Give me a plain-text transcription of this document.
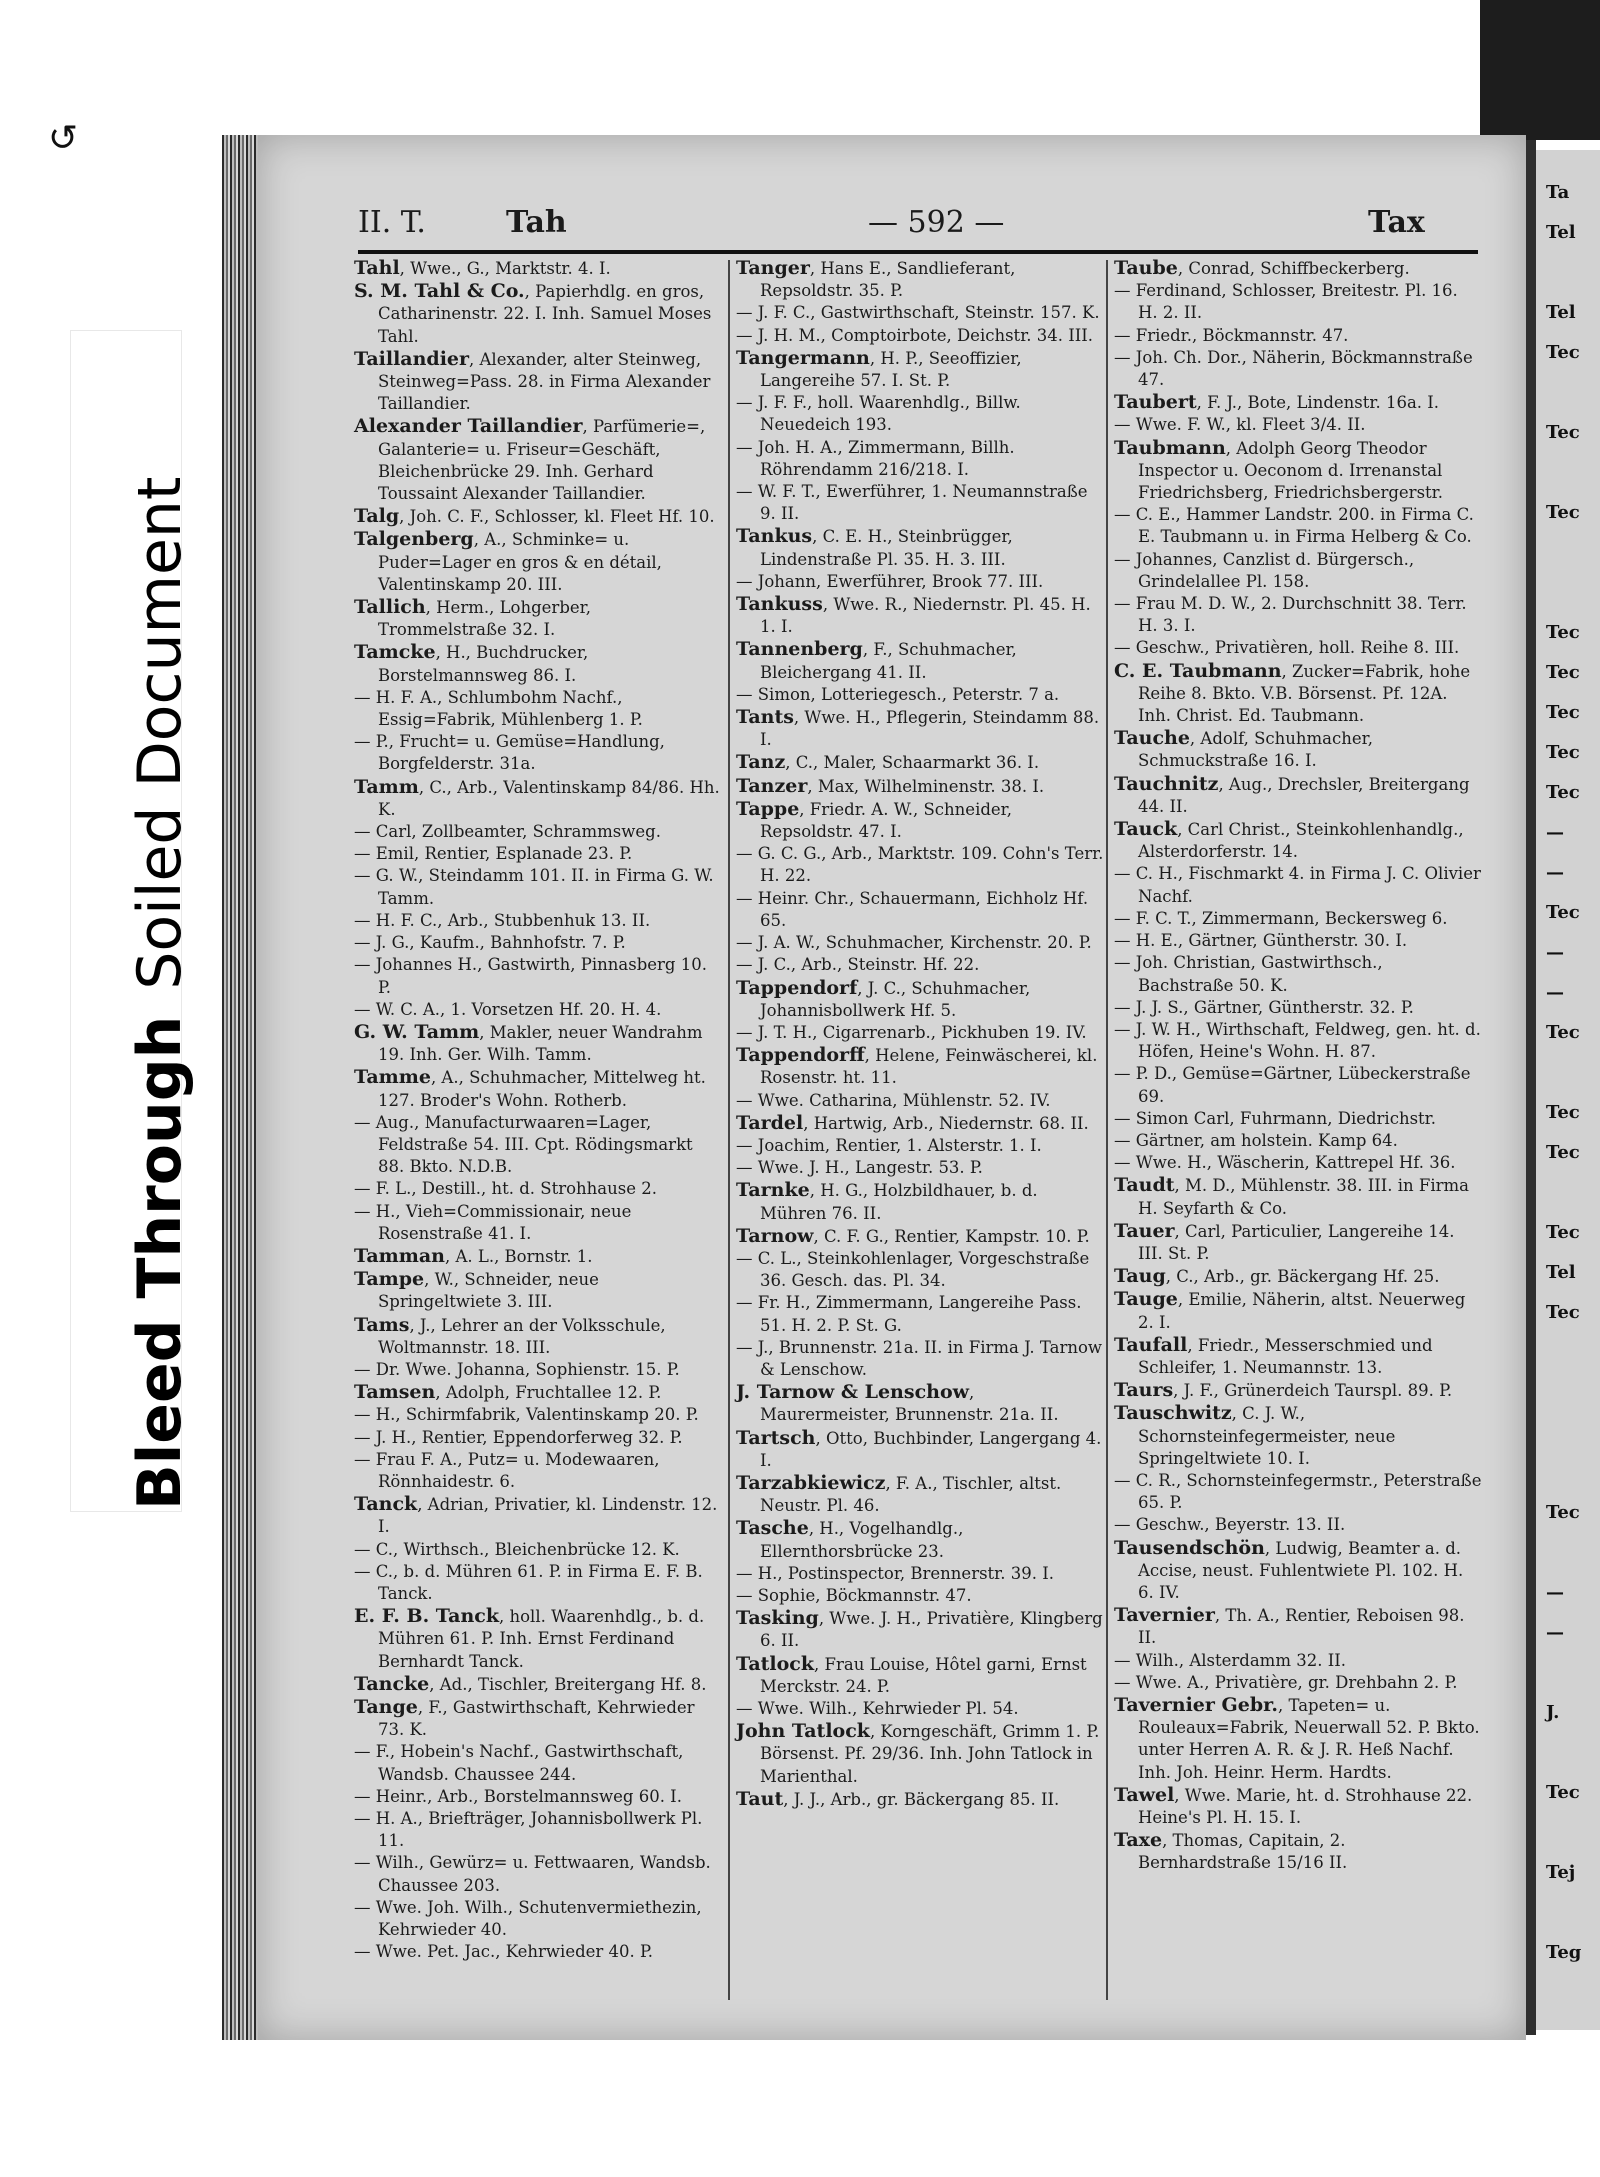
Bleed ThroughSoiled Document
↺
II. T.	Tah	— 592 —	Tax

Tahl, Wwe., G., Marktstr. 4. I.

S. M. Tahl & Co., Papierhdlg. en gros, Catharinenstr. 22. I. Inh. Samuel Moses Tahl.

Taillandier, Alexander, alter Steinweg, Steinweg=Pass. 28. in Firma Alexander Taillandier.

Alexander Taillandier, Parfümerie=, Galanterie= u. Friseur=Geschäft, Bleichenbrücke 29. Inh. Gerhard Toussaint Alexander Taillandier.

Talg, Joh. C. F., Schlosser, kl. Fleet Hf. 10.

Talgenberg, A., Schminke= u. Puder=Lager en gros & en détail, Valentinskamp 20. III.

Tallich, Herm., Lohgerber, Trommelstraße 32. I.

Tamcke, H., Buchdrucker, Borstelmannsweg 86. I.

— H. F. A., Schlumbohm Nachf., Essig=Fabrik, Mühlenberg 1. P.

— P., Frucht= u. Gemüse=Handlung, Borgfelderstr. 31a.

Tamm, C., Arb., Valentinskamp 84/86. Hh. K.

— Carl, Zollbeamter, Schrammsweg.

— Emil, Rentier, Esplanade 23. P.

— G. W., Steindamm 101. II. in Firma G. W. Tamm.

— H. F. C., Arb., Stubbenhuk 13. II.

— J. G., Kaufm., Bahnhofstr. 7. P.

— Johannes H., Gastwirth, Pinnasberg 10. P.

— W. C. A., 1. Vorsetzen Hf. 20. H. 4.

G. W. Tamm, Makler, neuer Wandrahm 19. Inh. Ger. Wilh. Tamm.

Tamme, A., Schuhmacher, Mittelweg ht. 127. Broder's Wohn. Rotherb.

— Aug., Manufacturwaaren=Lager, Feldstraße 54. III. Cpt. Rödingsmarkt 88. Bkto. N.D.B.

— F. L., Destill., ht. d. Strohhause 2.

— H., Vieh=Commissionair, neue Rosenstraße 41. I.

Tamman, A. L., Bornstr. 1.

Tampe, W., Schneider, neue Springeltwiete 3. III.

Tams, J., Lehrer an der Volksschule, Woltmannstr. 18. III.

— Dr. Wwe. Johanna, Sophienstr. 15. P.

Tamsen, Adolph, Fruchtallee 12. P.

— H., Schirmfabrik, Valentinskamp 20. P.

— J. H., Rentier, Eppendorferweg 32. P.

— Frau F. A., Putz= u. Modewaaren, Rönnhaidestr. 6.

Tanck, Adrian, Privatier, kl. Lindenstr. 12. I.

— C., Wirthsch., Bleichenbrücke 12. K.

— C., b. d. Mühren 61. P. in Firma E. F. B. Tanck.

E. F. B. Tanck, holl. Waarenhdlg., b. d. Mühren 61. P. Inh. Ernst Ferdinand Bernhardt Tanck.

Tancke, Ad., Tischler, Breitergang Hf. 8.

Tange, F., Gastwirthschaft, Kehrwieder 73. K.

— F., Hobein's Nachf., Gastwirthschaft, Wandsb. Chaussee 244.

— Heinr., Arb., Borstelmannsweg 60. I.

— H. A., Briefträger, Johannisbollwerk Pl. 11.

— Wilh., Gewürz= u. Fettwaaren, Wandsb. Chaussee 203.

— Wwe. Joh. Wilh., Schutenvermiethezin, Kehrwieder 40.

— Wwe. Pet. Jac., Kehrwieder 40. P.

Tanger, Hans E., Sandlieferant, Repsoldstr. 35. P.

— J. F. C., Gastwirthschaft, Steinstr. 157. K.

— J. H. M., Comptoirbote, Deichstr. 34. III.

Tangermann, H. P., Seeoffizier, Langereihe 57. I. St. P.

— J. F. F., holl. Waarenhdlg., Billw. Neuedeich 193.

— Joh. H. A., Zimmermann, Billh. Röhrendamm 216/218. I.

— W. F. T., Ewerführer, 1. Neumannstraße 9. II.

Tankus, C. E. H., Steinbrügger, Lindenstraße Pl. 35. H. 3. III.

— Johann, Ewerführer, Brook 77. III.

Tankuss, Wwe. R., Niedernstr. Pl. 45. H. 1. I.

Tannenberg, F., Schuhmacher, Bleichergang 41. II.

— Simon, Lotteriegesch., Peterstr. 7 a.

Tants, Wwe. H., Pflegerin, Steindamm 88. I.

Tanz, C., Maler, Schaarmarkt 36. I.

Tanzer, Max, Wilhelminenstr. 38. I.

Tappe, Friedr. A. W., Schneider, Repsoldstr. 47. I.

— G. C. G., Arb., Marktstr. 109. Cohn's Terr. H. 22.

— Heinr. Chr., Schauermann, Eichholz Hf. 65.

— J. A. W., Schuhmacher, Kirchenstr. 20. P.

— J. C., Arb., Steinstr. Hf. 22.

Tappendorf, J. C., Schuhmacher, Johannisbollwerk Hf. 5.

— J. T. H., Cigarrenarb., Pickhuben 19. IV.

Tappendorff, Helene, Feinwäscherei, kl. Rosenstr. ht. 11.

— Wwe. Catharina, Mühlenstr. 52. IV.

Tardel, Hartwig, Arb., Niedernstr. 68. II.

— Joachim, Rentier, 1. Alsterstr. 1. I.

— Wwe. J. H., Langestr. 53. P.

Tarnke, H. G., Holzbildhauer, b. d. Mühren 76. II.

Tarnow, C. F. G., Rentier, Kampstr. 10. P.

— C. L., Steinkohlenlager, Vorgeschstraße 36. Gesch. das. Pl. 34.

— Fr. H., Zimmermann, Langereihe Pass. 51. H. 2. P. St. G.

— J., Brunnenstr. 21a. II. in Firma J. Tarnow & Lenschow.

J. Tarnow & Lenschow, Maurermeister, Brunnenstr. 21a. II.

Tartsch, Otto, Buchbinder, Langergang 4. I.

Tarzabkiewicz, F. A., Tischler, altst. Neustr. Pl. 46.

Tasche, H., Vogelhandlg., Ellernthorsbrücke 23.

— H., Postinspector, Brennerstr. 39. I.

— Sophie, Böckmannstr. 47.

Tasking, Wwe. J. H., Privatière, Klingberg 6. II.

Tatlock, Frau Louise, Hôtel garni, Ernst Merckstr. 24. P.

— Wwe. Wilh., Kehrwieder Pl. 54.

John Tatlock, Korngeschäft, Grimm 1. P. Börsenst. Pf. 29/36. Inh. John Tatlock in Marienthal.

Taut, J. J., Arb., gr. Bäckergang 85. II.

Taube, Conrad, Schiffbeckerberg.

— Ferdinand, Schlosser, Breitestr. Pl. 16. H. 2. II.

— Friedr., Böckmannstr. 47.

— Joh. Ch. Dor., Näherin, Böckmannstraße 47.

Taubert, F. J., Bote, Lindenstr. 16a. I.

— Wwe. F. W., kl. Fleet 3/4. II.

Taubmann, Adolph Georg Theodor Inspector u. Oeconom d. Irrenanstal Friedrichsberg, Friedrichsbergerstr.

— C. E., Hammer Landstr. 200. in Firma C. E. Taubmann u. in Firma Helberg & Co.

— Johannes, Canzlist d. Bürgersch., Grindelallee Pl. 158.

— Frau M. D. W., 2. Durchschnitt 38. Terr. H. 3. I.

— Geschw., Privatièren, holl. Reihe 8. III.

C. E. Taubmann, Zucker=Fabrik, hohe Reihe 8. Bkto. V.B. Börsenst. Pf. 12A. Inh. Christ. Ed. Taubmann.

Tauche, Adolf, Schuhmacher, Schmuckstraße 16. I.

Tauchnitz, Aug., Drechsler, Breitergang 44. II.

Tauck, Carl Christ., Steinkohlenhandlg., Alsterdorferstr. 14.

— C. H., Fischmarkt 4. in Firma J. C. Olivier Nachf.

— F. C. T., Zimmermann, Beckersweg 6.

— H. E., Gärtner, Güntherstr. 30. I.

— Joh. Christian, Gastwirthsch., Bachstraße 50. K.

— J. J. S., Gärtner, Güntherstr. 32. P.

— J. W. H., Wirthschaft, Feldweg, gen. ht. d. Höfen, Heine's Wohn. H. 87.

— P. D., Gemüse=Gärtner, Lübeckerstraße 69.

— Simon Carl, Fuhrmann, Diedrichstr.

— Gärtner, am holstein. Kamp 64.

— Wwe. H., Wäscherin, Kattrepel Hf. 36.

Taudt, M. D., Mühlenstr. 38. III. in Firma H. Seyfarth & Co.

Tauer, Carl, Particulier, Langereihe 14. III. St. P.

Taug, C., Arb., gr. Bäckergang Hf. 25.

Tauge, Emilie, Näherin, altst. Neuerweg 2. I.

Taufall, Friedr., Messerschmied und Schleifer, 1. Neumannstr. 13.

Taurs, J. F., Grünerdeich Taurspl. 89. P.

Tauschwitz, C. J. W., Schornsteinfegermeister, neue Springeltwiete 10. I.

— C. R., Schornsteinfegermstr., Peterstraße 65. P.

— Geschw., Beyerstr. 13. II.

Tausendschön, Ludwig, Beamter a. d. Accise, neust. Fuhlentwiete Pl. 102. H. 6. IV.

Tavernier, Th. A., Rentier, Reboisen 98. II.

— Wilh., Alsterdamm 32. II.

— Wwe. A., Privatière, gr. Drehbahn 2. P.

Tavernier Gebr., Tapeten= u. Rouleaux=Fabrik, Neuerwall 52. P. Bkto. unter Herren A. R. & J. R. Heß Nachf. Inh. Joh. Heinr. Herm. Hardts.

Tawel, Wwe. Marie, ht. d. Strohhause 22. Heine's Pl. H. 15. I.

Taxe, Thomas, Capitain, 2. Bernhardstraße 15/16 II.

Ta
Tel
Tel
Tec
Tec
Tec
Tec
Tec
Tec
Tec
Tec
—
—
Tec
—
—
Tec
Tec
Tec
Tec
Tel
Tec
Tec
—
—
J.
Tec
Tej
Teg
